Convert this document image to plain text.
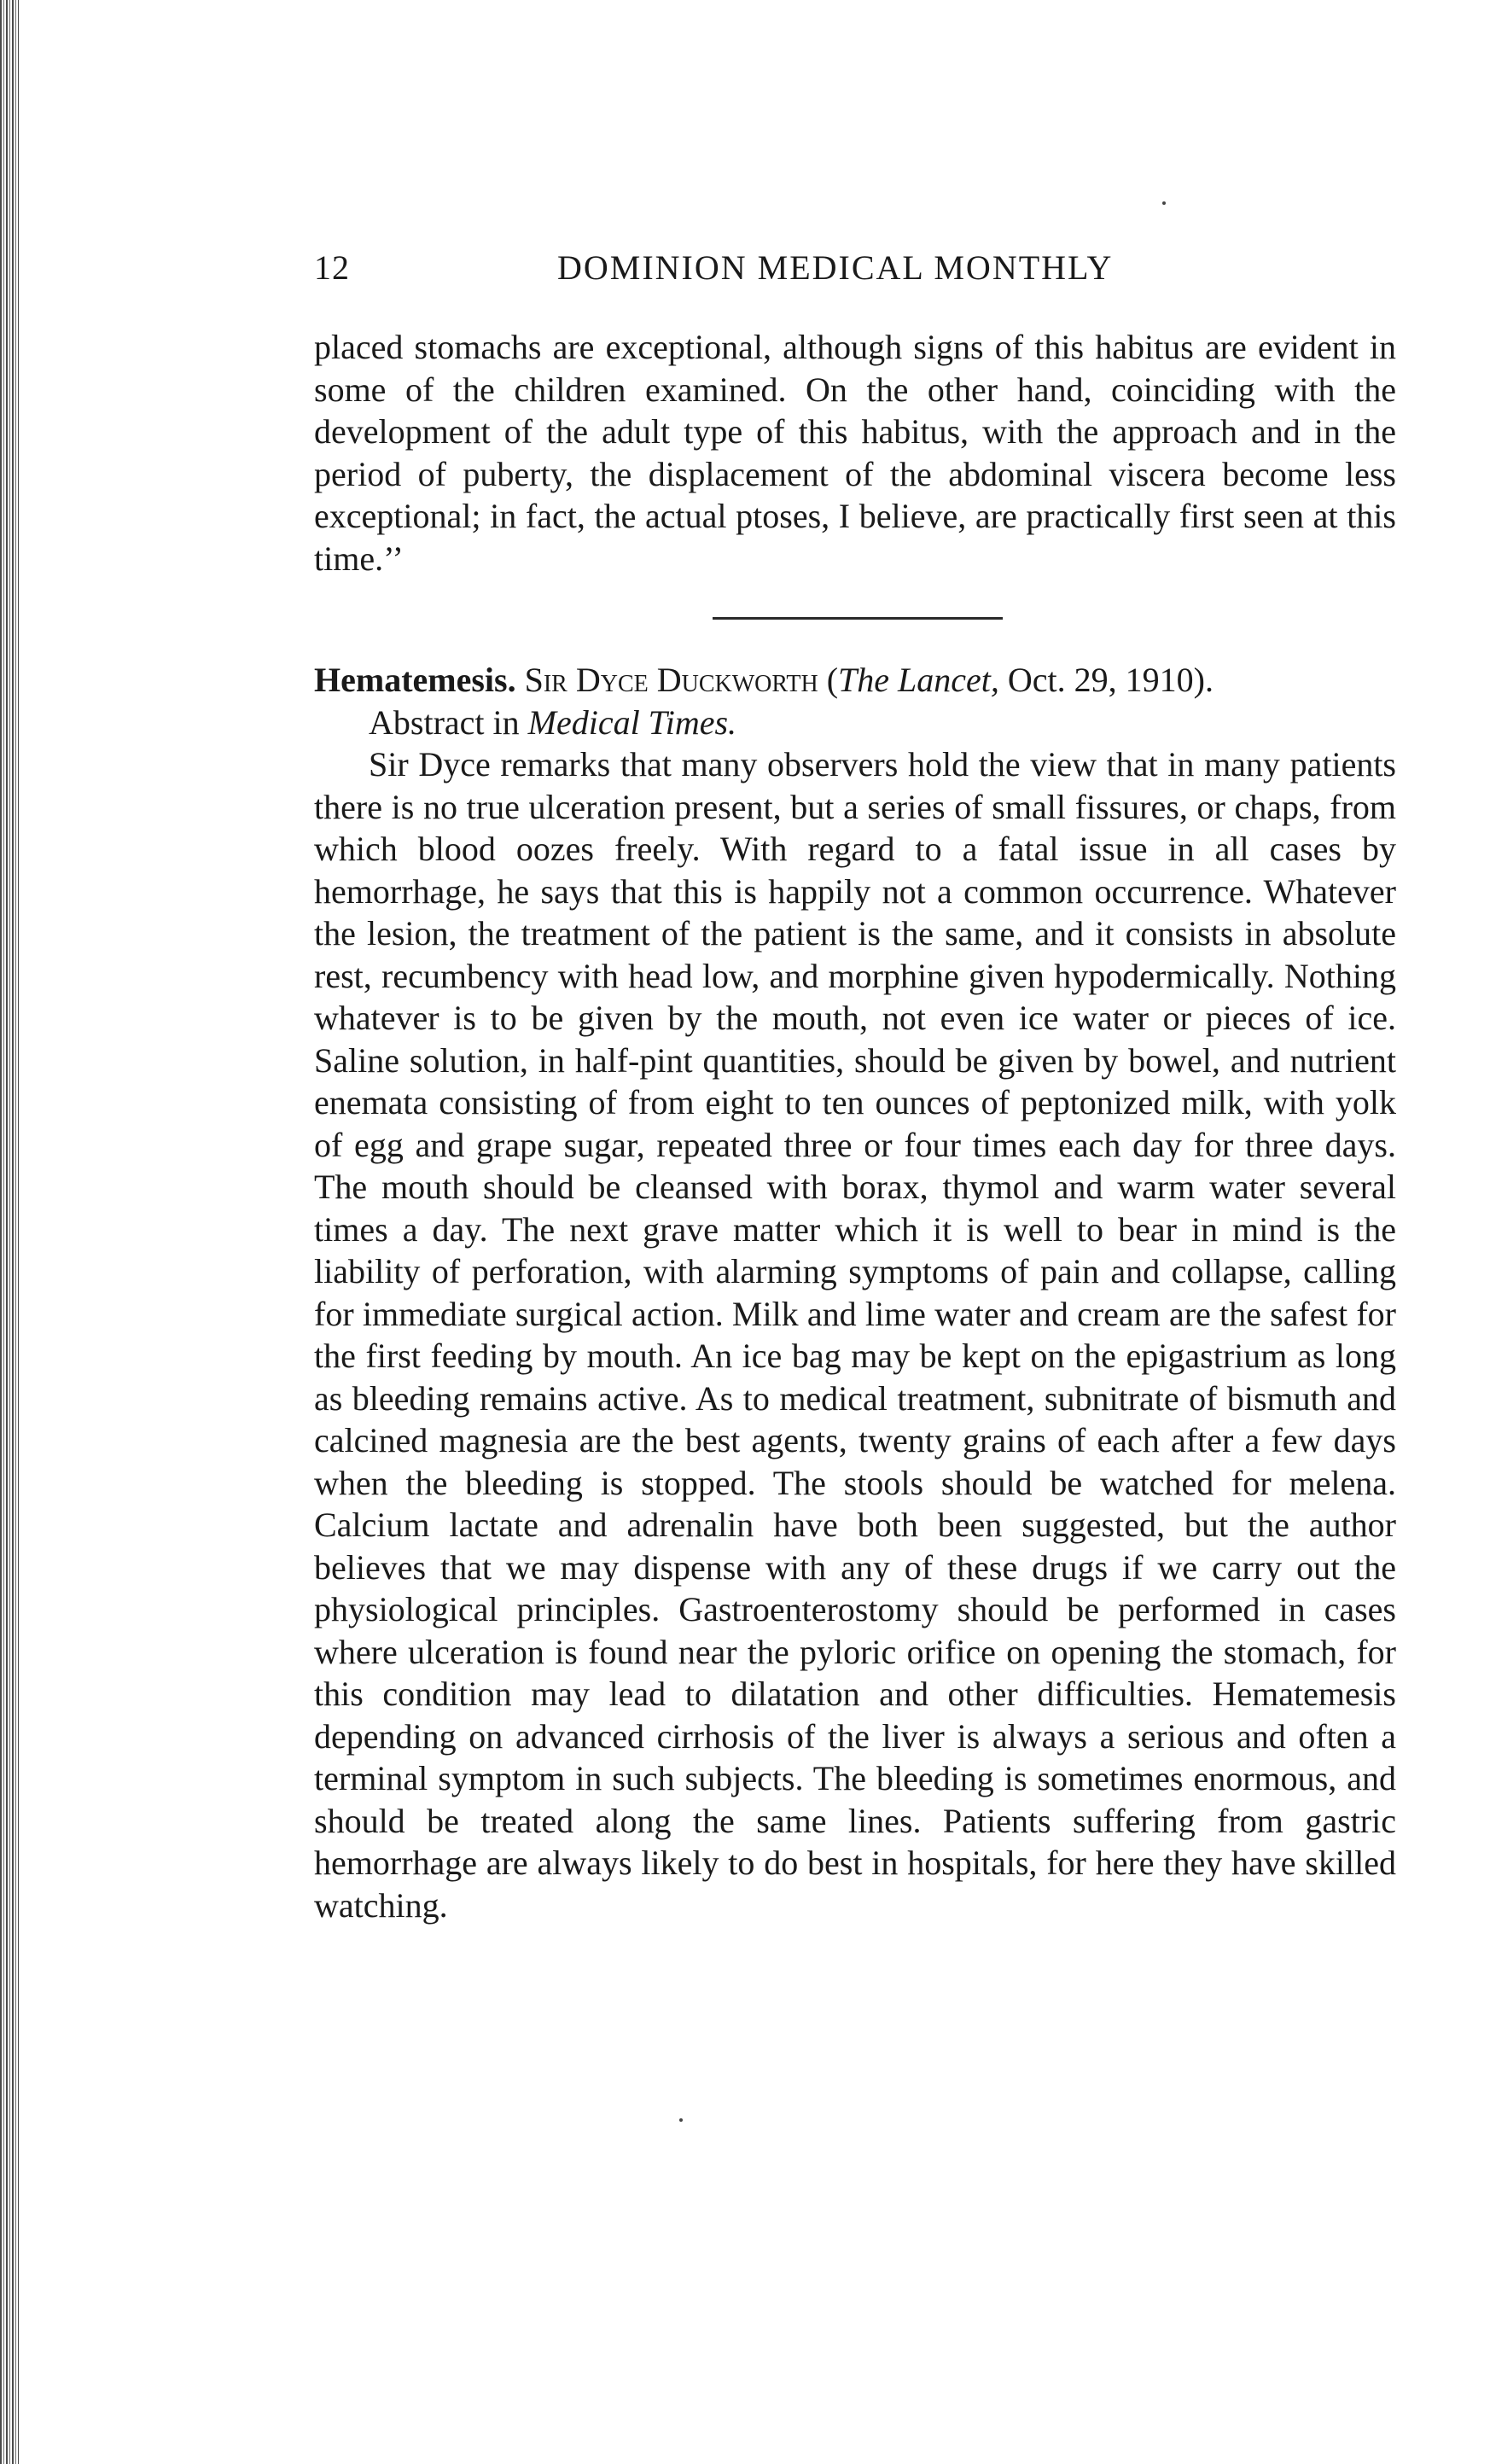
12	DOMINION MEDICAL MONTHLY
placed stomachs are exceptional, although signs of this habitus are evident in some of the children examined. On the other hand, coinciding with the development of the adult type of this habitus, with the approach and in the period of puberty, the displacement of the abdominal viscera become less exceptional; in fact, the actual ptoses, I believe, are practically first seen at this time.’’
Hematemesis. Sir Dyce Duckworth (The Lancet, Oct. 29, 1910).
Abstract in Medical Times.
Sir Dyce remarks that many observers hold the view that in many patients there is no true ulceration present, but a series of small fissures, or chaps, from which blood oozes freely. With regard to a fatal issue in all cases by hemorrhage, he says that this is happily not a common occurrence. Whatever the lesion, the treatment of the patient is the same, and it consists in absolute rest, recumbency with head low, and morphine given hypodermically. Nothing whatever is to be given by the mouth, not even ice water or pieces of ice. Saline solution, in half-pint quantities, should be given by bowel, and nutrient enemata consisting of from eight to ten ounces of peptonized milk, with yolk of egg and grape sugar, repeated three or four times each day for three days. The mouth should be cleansed with borax, thymol and warm water several times a day. The next grave matter which it is well to bear in mind is the liability of perforation, with alarming symptoms of pain and collapse, calling for immediate surgical action. Milk and lime water and cream are the safest for the first feeding by mouth. An ice bag may be kept on the epigastrium as long as bleeding remains active. As to medical treatment, subnitrate of bismuth and calcined magnesia are the best agents, twenty grains of each after a few days when the bleeding is stopped. The stools should be watched for melena. Calcium lactate and adrenalin have both been suggested, but the author believes that we may dispense with any of these drugs if we carry out the physiological principles. Gastroenterostomy should be performed in cases where ulceration is found near the pyloric orifice on opening the stomach, for this condition may lead to dilatation and other difficulties. Hematemesis depending on advanced cirrhosis of the liver is always a serious and often a terminal symptom in such subjects. The bleeding is sometimes enormous, and should be treated along the same lines. Patients suffering from gastric hemorrhage are always likely to do best in hospitals, for here they have skilled watching.
